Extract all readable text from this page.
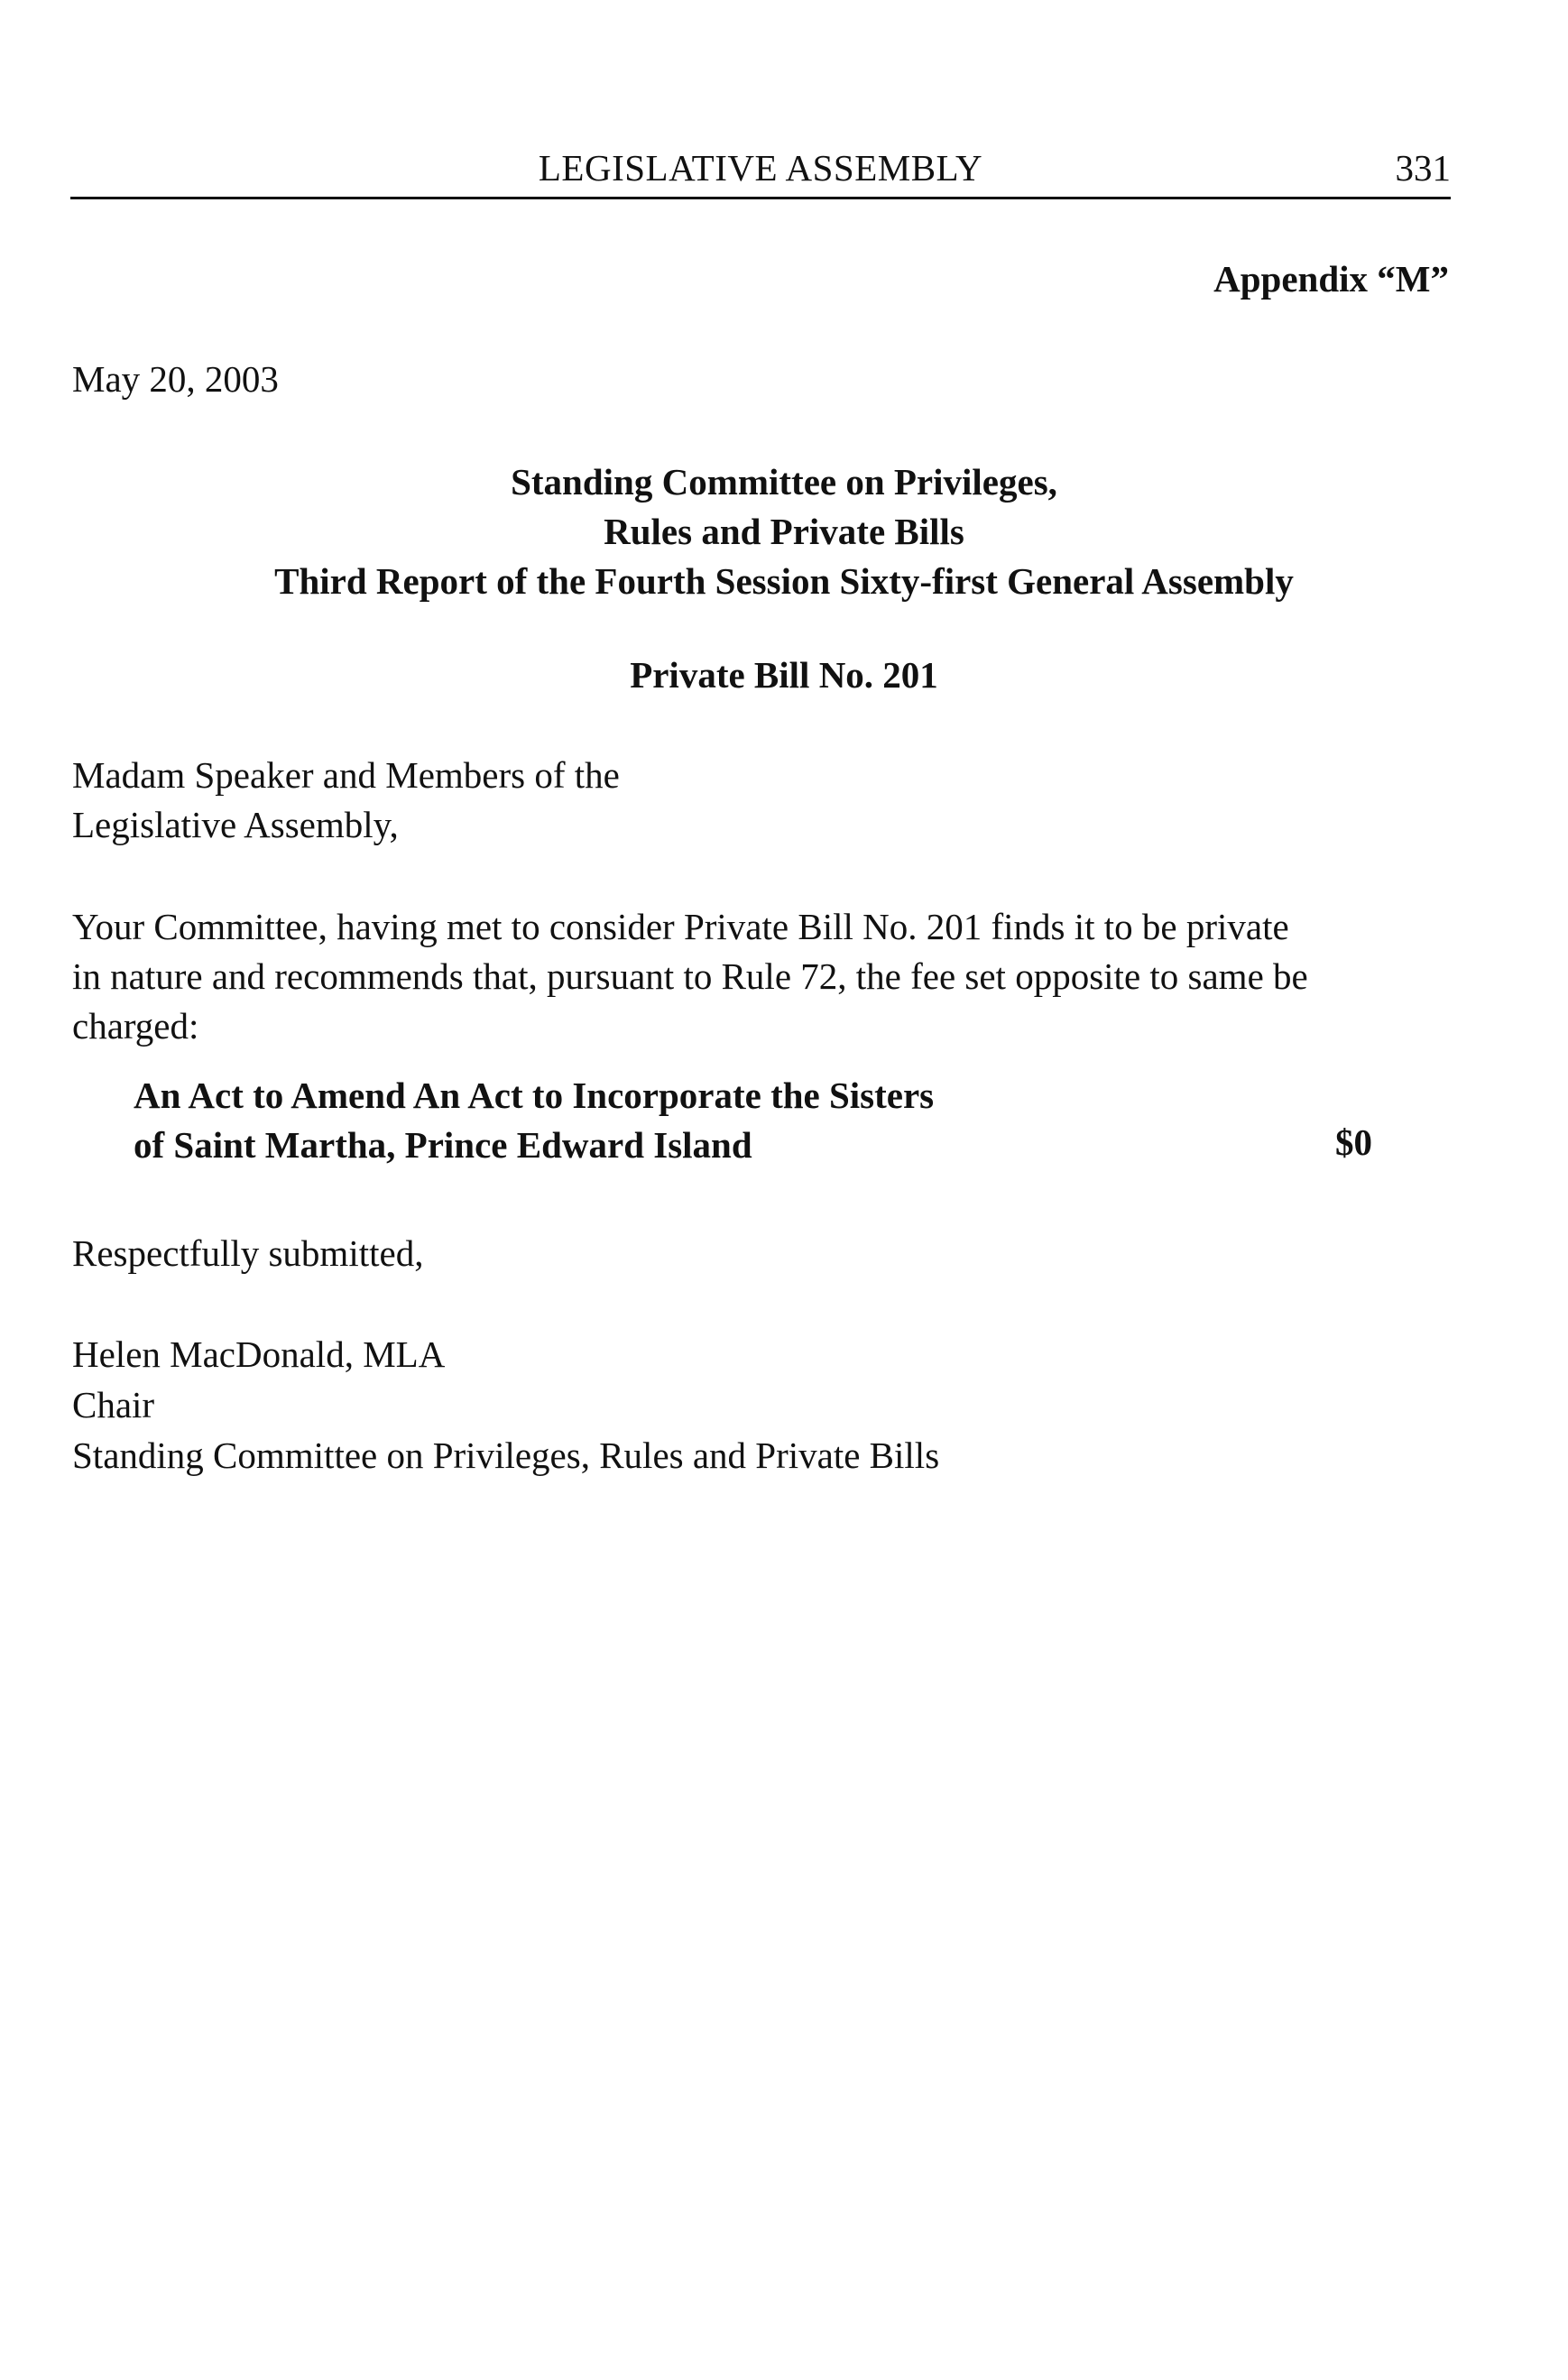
LEGISLATIVE ASSEMBLY	331
Appendix “M”
May 20, 2003
Standing Committee on Privileges,
Rules and Private Bills
Third Report of the Fourth Session Sixty-first General Assembly
Private Bill No. 201
Madam Speaker and Members of the
Legislative Assembly,
Your Committee, having met to consider Private Bill No. 201 finds it to be private
in nature and recommends that, pursuant to Rule 72, the fee set opposite to same be
charged:
An Act to Amend An Act to Incorporate the Sisters
of Saint Martha, Prince Edward Island	$0
Respectfully submitted,
Helen MacDonald, MLA
Chair
Standing Committee on Privileges, Rules and Private Bills
